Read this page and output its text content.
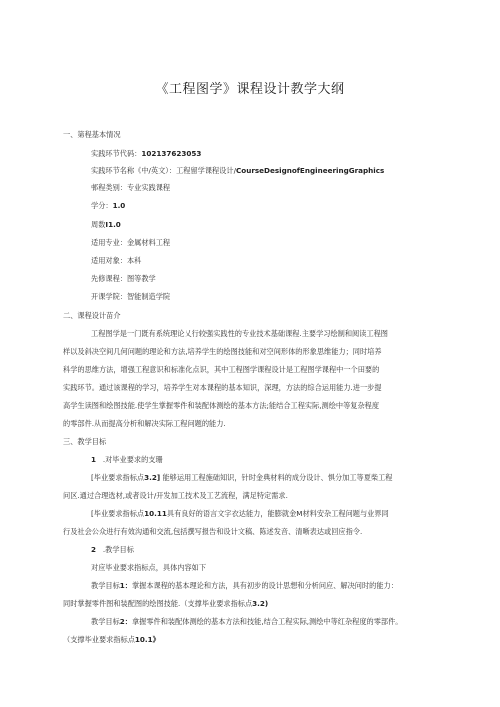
《工程图学》课程设计教学大纲
一、第程基本情况
实践环节代码：102137623053
实践环节名称《中/英文）：工程留学课程设计/CourseDesignofEngineeringGraphics
邨程类别：专业实践课程
学分：1.0
周数I1.0
适用专业：金属材料工程
适用对象：本科
先修课程：图等教学
开课学院：智能制造学院
二、课程设计苗介
工程图学是一门既有系统理论乂行较强实践性的专业技术基础课程.主要学习绘制和阅读工程图
样以及斜决空间几何问题的理论和方法,培养学生的绘图技能和对空间形体的形象思维能力；同时培养
科学的思维方法，增强工程意识和标准化点识，其中工程图学课程设计是工程图学课程中一个田要的
实践环节。通过该课程的学习，培养学生对本课程的基本知识，深理，方法的综合运用能力.进一步提
高学生读图和绘图技能.使学生掌握零件和装配体测绘的基本方法;能结合工程实际,测绘中等复杂程度
的零部件.从而提高分析和解决实际工程问题的能力.
三、教学目标
1 .对毕业要求的支珊
[毕业要求指标点3.2] 能够运用工程施础知识，针时金典材料的成分设计、惧分加工等夏柴工程
问区.通过合理选材,或者设计/开发加工技术及工艺流程，满足特定需求.
[毕业要求指标点10.11具有良好的语言文字衣达能力，能膨就金M材料安杂工程问题与业界同
行及社会公众进行有效沟通和交流,包括撰写报告和设计文稿、陈述发音、清晰表达或回应指令.
2 .教学目标
对应毕业要求指标点，具体内容如下
教学目标1：掌握本课程的基本理论和方法，具有初步的设计思想和分析问应、解决问时的能力：
同时掌握零件图和装配图的绘图技能.（支撑毕业要求指标点3.2)
教学目标2：拿握零件和装配体测绘的基本方法和技能,结合工程实际,测绘中等红杂程度的零部件。
（支撑毕业要求指标点10.1》
